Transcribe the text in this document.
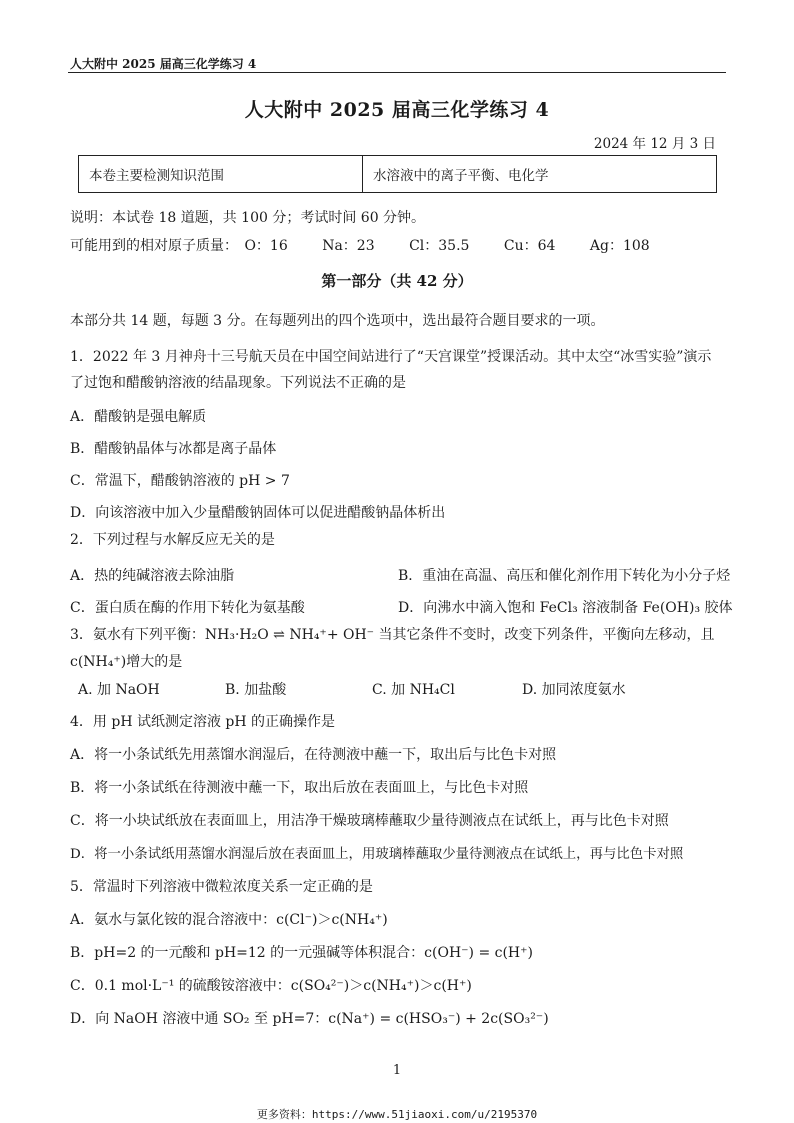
人大附中 2025 届高三化学练习 4
人大附中 2025 届高三化学练习 4
2024 年 12 月 3 日
本卷主要检测知识范围	水溶液中的离子平衡、电化学
说明：本试卷 18 道题，共 100 分；考试时间 60 分钟。
可能用到的相对原子质量： O：16 Na：23 Cl：35.5 Cu：64 Ag：108
第一部分（共 42 分）
本部分共 14 题，每题 3 分。在每题列出的四个选项中，选出最符合题目要求的一项。
1．2022 年 3 月神舟十三号航天员在中国空间站进行了“天宫课堂”授课活动。其中太空“冰雪实验”演示
了过饱和醋酸钠溶液的结晶现象。下列说法不正确的是
A．醋酸钠是强电解质
B．醋酸钠晶体与冰都是离子晶体
C．常温下，醋酸钠溶液的 pH > 7
D．向该溶液中加入少量醋酸钠固体可以促进醋酸钠晶体析出
2．下列过程与水解反应无关的是
A．热的纯碱溶液去除油脂	B．重油在高温、高压和催化剂作用下转化为小分子烃
C．蛋白质在酶的作用下转化为氨基酸	D．向沸水中滴入饱和 FeCl₃ 溶液制备 Fe(OH)₃ 胶体
3．氨水有下列平衡：NH₃·H₂O ⇌ NH₄⁺+ OH⁻ 当其它条件不变时，改变下列条件，平衡向左移动，且
c(NH₄⁺)增大的是
A. 加 NaOH	B. 加盐酸	C. 加 NH₄Cl	D. 加同浓度氨水
4．用 pH 试纸测定溶液 pH 的正确操作是
A．将一小条试纸先用蒸馏水润湿后，在待测液中蘸一下，取出后与比色卡对照
B．将一小条试纸在待测液中蘸一下，取出后放在表面皿上，与比色卡对照
C．将一小块试纸放在表面皿上，用洁净干燥玻璃棒蘸取少量待测液点在试纸上，再与比色卡对照
D．将一小条试纸用蒸馏水润湿后放在表面皿上，用玻璃棒蘸取少量待测液点在试纸上，再与比色卡对照
5．常温时下列溶液中微粒浓度关系一定正确的是
A．氨水与氯化铵的混合溶液中：c(Cl⁻)＞c(NH₄⁺)
B．pH=2 的一元酸和 pH=12 的一元强碱等体积混合：c(OH⁻) = c(H⁺)
C．0.1 mol·L⁻¹ 的硫酸铵溶液中：c(SO₄²⁻)＞c(NH₄⁺)＞c(H⁺)
D．向 NaOH 溶液中通 SO₂ 至 pH=7：c(Na⁺) = c(HSO₃⁻) + 2c(SO₃²⁻)
1
更多资料：https://www.51jiaoxi.com/u/2195370
